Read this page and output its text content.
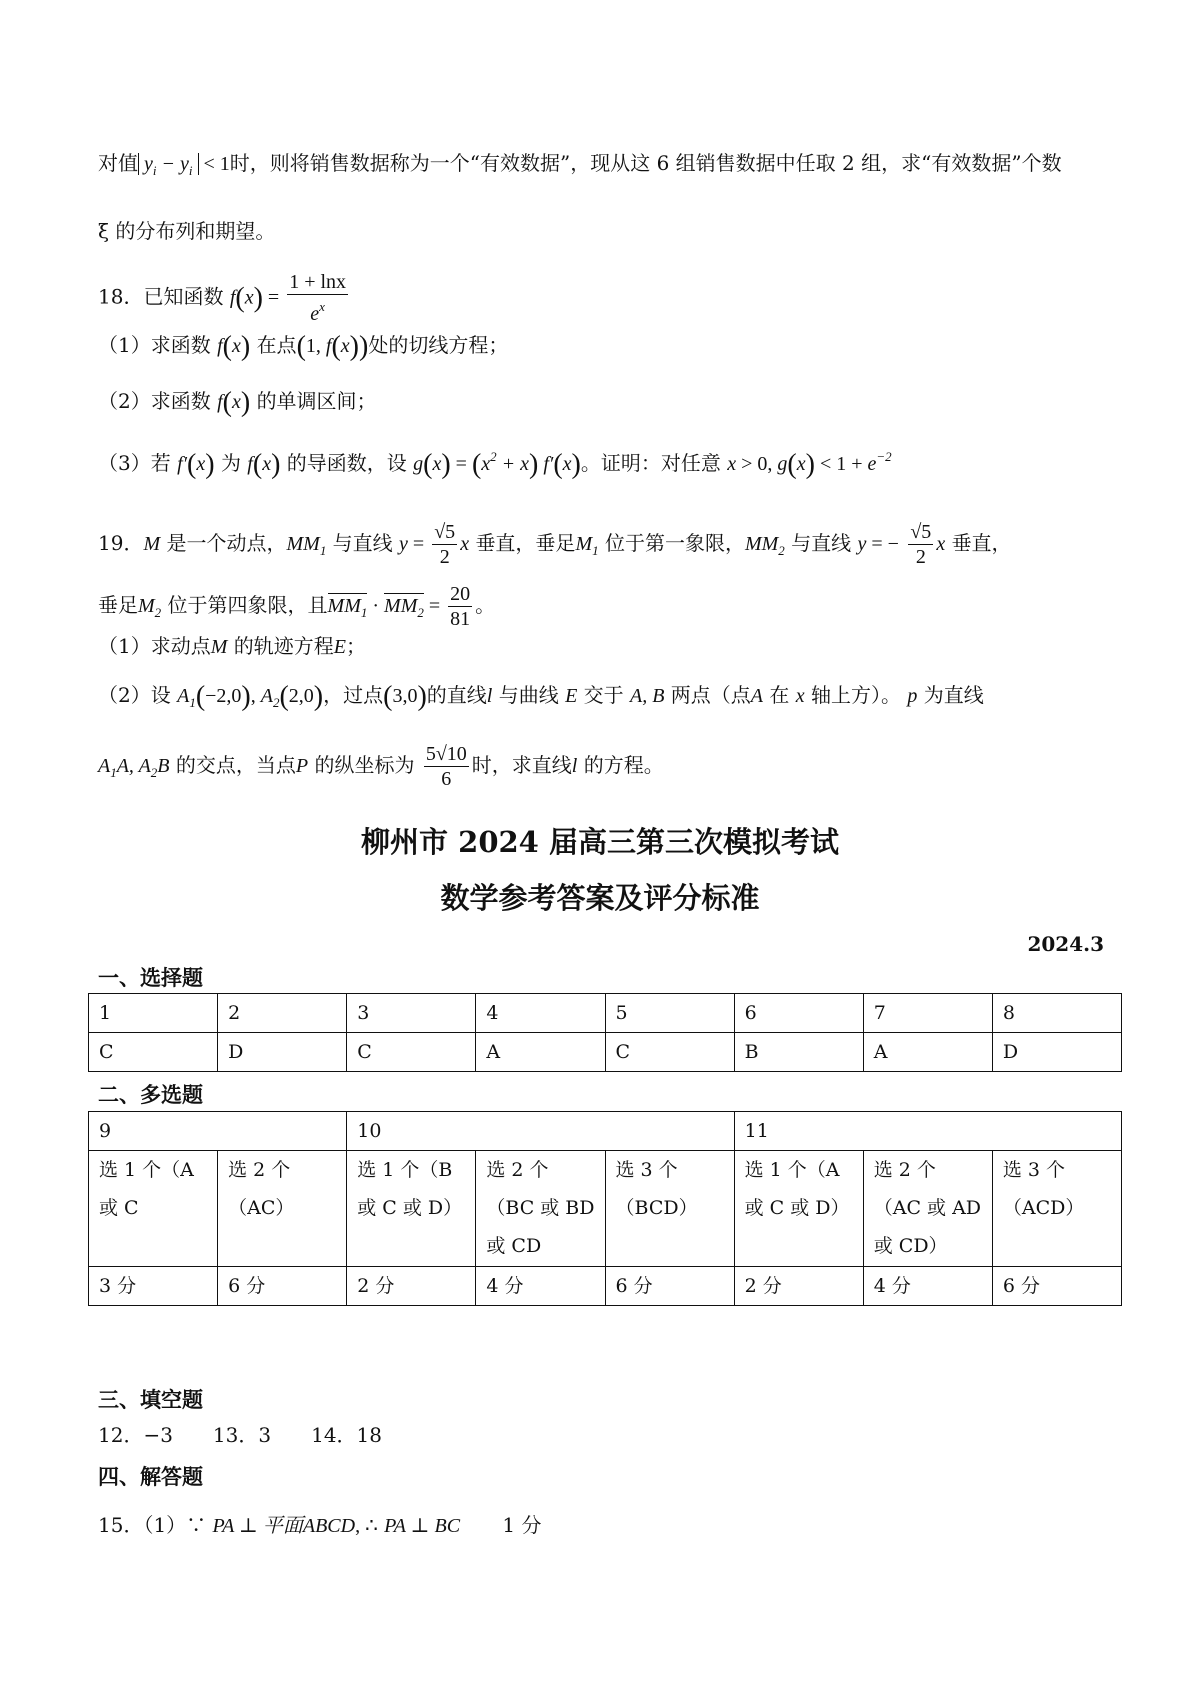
对值 $y_i - y_i < 1$时，则将销售数据称为一个“有效数据”，现从这 6 组销售数据中任取 2 组，求“有效数据”个数
ξ 的分布列和期望。
18．已知函数 $f(x) = \frac{1 + \ln x}{e^x}$
（1）求函数 f(x) 在点(1, f(x))处的切线方程；
（2）求函数 f(x) 的单调区间；
（3）若 f′(x) 为 f(x) 的导函数，设 $g(x) = (x^2 + x)$ f′(x)。证明：对任意 x > 0, $g(x) < 1 + e^{-2}$
19．M 是一个动点，$MM_1$ 与直线 $y = \frac{√5}{2}$ x 垂直，垂足$M_1$ 位于第一象限，$MM_2$ 与直线 y = − $\frac{√5}{2}$ x 垂直，
垂足$M_2$ 位于第四象限，且$MM_1 \cdot MM_2 = \frac{20}{81}$ 。
（1）求动点M 的轨迹方程E；
（2）设 $A_1(-2,0)$, $A_2(2,0)$，过点(3,0)的直线l 与曲线 E 交于 A, B 两点（点A 在 x 轴上方）。 p 为直线
$A_1A$, $A_2B$ 的交点，当点P 的纵坐标为 $\frac{5√10}{6}$ 时，求直线l 的方程。
柳州市 2024 届高三第三次模拟考试
数学参考答案及评分标准
2024.3
一、选择题
1	2	3	4	5	6	7	8
C	D	C	A	C	B	A	D
二、多选题
9		10			11		
选 1 个（A 或 C	选 2 个（AC）	选 1 个（B 或 C 或 D）	选 2 个（BC 或 BD 或 CD	选 3 个（BCD）	选 1 个（A 或 C 或 D）	选 2 个（AC 或 AD 或 CD）	选 3 个（ACD）
3 分	6 分	2 分	4 分	6 分	2 分	4 分	6 分
三、填空题
12．−3　　13．3　　14．18
四、解答题
15．（1）∵ PA ⊥ 平面ABCD, ∴ PA ⊥ BC 1 分
